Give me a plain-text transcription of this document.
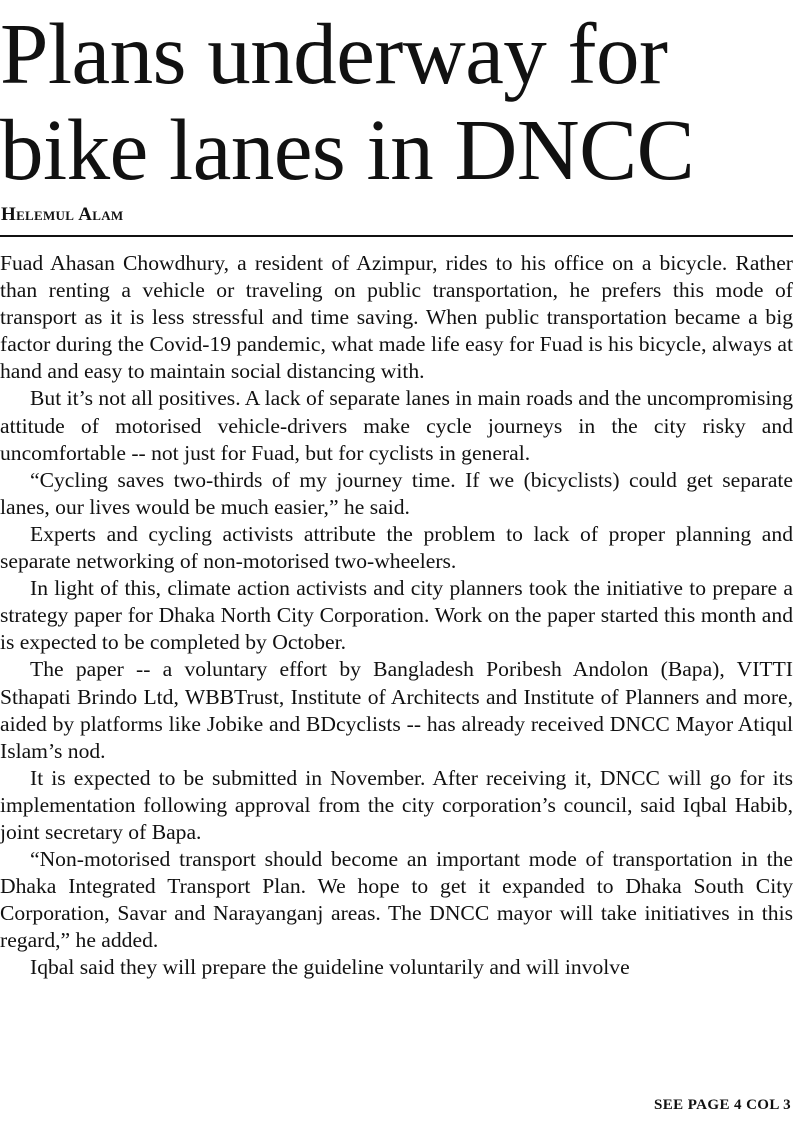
Plans underway for
bike lanes in DNCC
Helemul Alam

Fuad Ahasan Chowdhury, a resident of Azimpur, rides to his office on a bicycle. Rather than renting a vehicle or traveling on public transportation, he prefers this mode of transport as it is less stressful and time saving. When public transportation became a big factor during the Covid-19 pandemic, what made life easy for Fuad is his bicycle, always at hand and easy to maintain social distancing with.

But it’s not all positives. A lack of separate lanes in main roads and the uncompromising attitude of motorised vehicle-drivers make cycle journeys in the city risky and uncomfortable -- not just for Fuad, but for cyclists in general.

“Cycling saves two-thirds of my journey time. If we (bicyclists) could get separate lanes, our lives would be much easier,” he said.

Experts and cycling activists attribute the problem to lack of proper planning and separate networking of non-motorised two-wheelers.

In light of this, climate action activists and city planners took the initiative to prepare a strategy paper for Dhaka North City Corporation. Work on the paper started this month and is expected to be completed by October.

The paper -- a voluntary effort by Bangladesh Poribesh Andolon (Bapa), VITTI Sthapati Brindo Ltd, WBBTrust, Institute of Architects and Institute of Planners and more, aided by platforms like Jobike and BDcyclists -- has already received DNCC Mayor Atiqul Islam’s nod.

It is expected to be submitted in November. After receiving it, DNCC will go for its implementation following approval from the city corporation’s council, said Iqbal Habib, joint secretary of Bapa.

“Non-motorised transport should become an important mode of transportation in the Dhaka Integrated Transport Plan. We hope to get it expanded to Dhaka South City Corporation, Savar and Narayanganj areas. The DNCC mayor will take initiatives in this regard,” he added.

Iqbal said they will prepare the guideline voluntarily and will involve

SEE PAGE 4 COL 3
